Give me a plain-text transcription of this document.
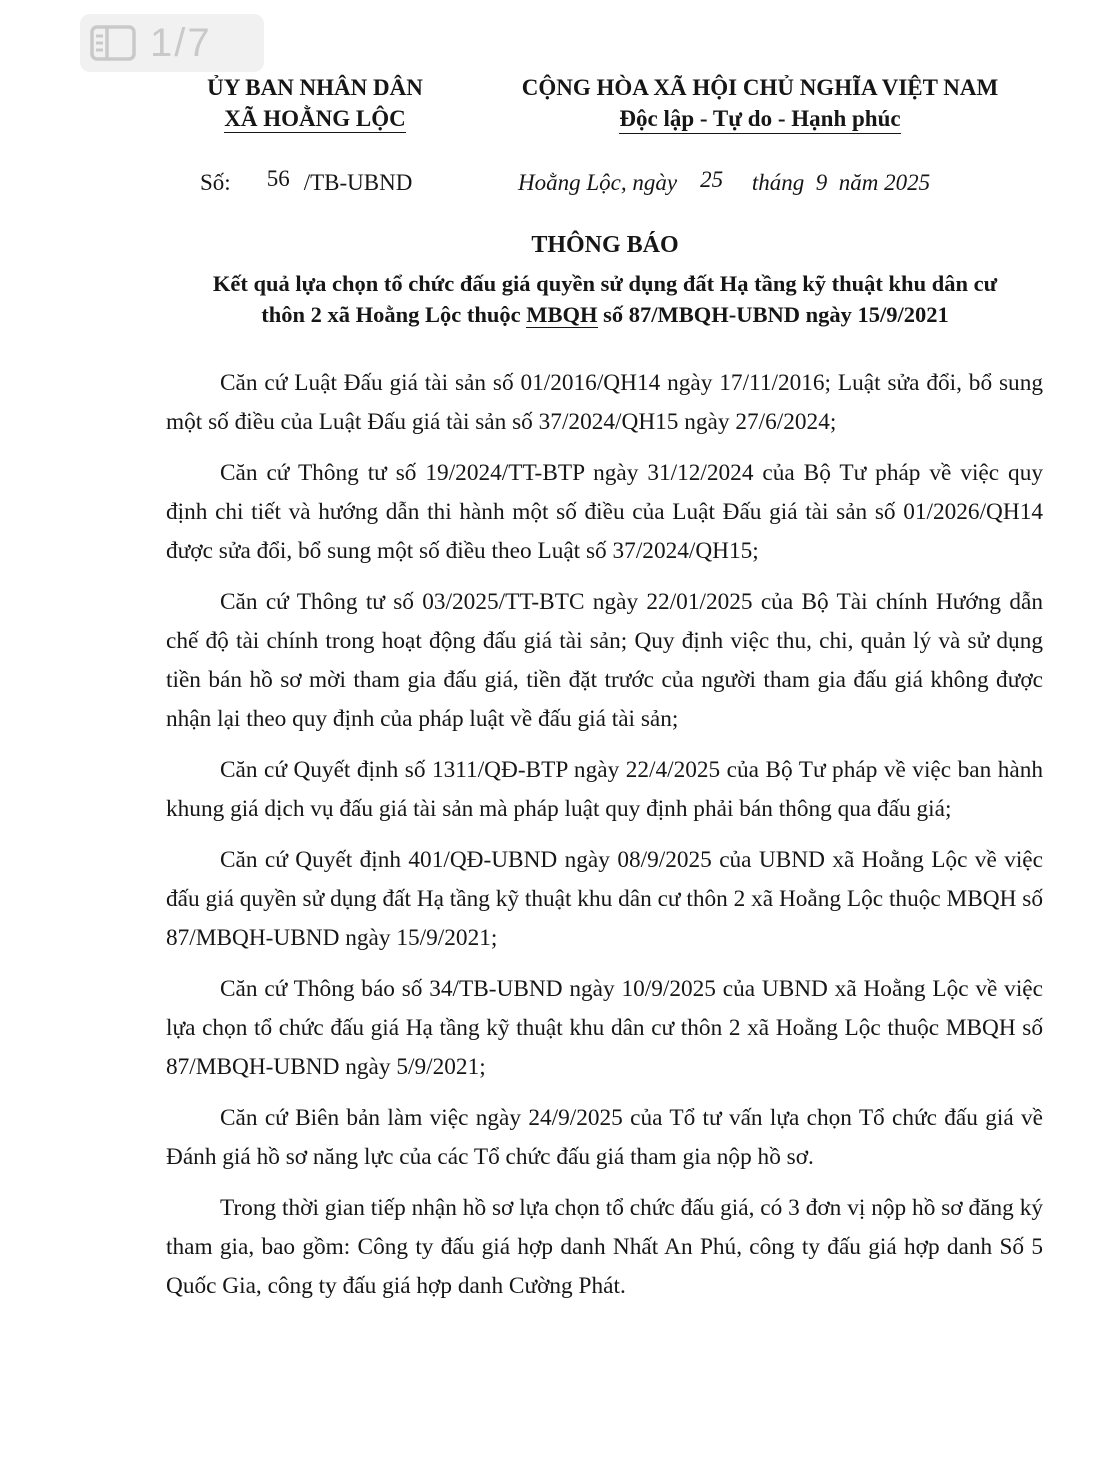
1/7
ỦY BAN NHÂN DÂN
XÃ HOẰNG LỘC
CỘNG HÒA XÃ HỘI CHỦ NGHĨA VIỆT NAM
Độc lập - Tự do - Hạnh phúc
Số: 56 /TB-UBND	Hoằng Lộc, ngày 25 tháng 9 năm 2025
THÔNG BÁO
Kết quả lựa chọn tổ chức đấu giá quyền sử dụng đất Hạ tầng kỹ thuật khu dân cư
thôn 2 xã Hoằng Lộc thuộc MBQH số 87/MBQH-UBND ngày 15/9/2021

Căn cứ Luật Đấu giá tài sản số 01/2016/QH14 ngày 17/11/2016; Luật sửa đổi, bổ sung một số điều của Luật Đấu giá tài sản số 37/2024/QH15 ngày 27/6/2024;

Căn cứ Thông tư số 19/2024/TT-BTP ngày 31/12/2024 của Bộ Tư pháp về việc quy định chi tiết và hướng dẫn thi hành một số điều của Luật Đấu giá tài sản số 01/2026/QH14 được sửa đổi, bổ sung một số điều theo Luật số 37/2024/QH15;

Căn cứ Thông tư số 03/2025/TT-BTC ngày 22/01/2025 của Bộ Tài chính Hướng dẫn chế độ tài chính trong hoạt động đấu giá tài sản; Quy định việc thu, chi, quản lý và sử dụng tiền bán hồ sơ mời tham gia đấu giá, tiền đặt trước của người tham gia đấu giá không được nhận lại theo quy định của pháp luật về đấu giá tài sản;

Căn cứ Quyết định số 1311/QĐ-BTP ngày 22/4/2025 của Bộ Tư pháp về việc ban hành khung giá dịch vụ đấu giá tài sản mà pháp luật quy định phải bán thông qua đấu giá;

Căn cứ Quyết định 401/QĐ-UBND ngày 08/9/2025 của UBND xã Hoằng Lộc về việc đấu giá quyền sử dụng đất Hạ tầng kỹ thuật khu dân cư thôn 2 xã Hoằng Lộc thuộc MBQH số 87/MBQH-UBND ngày 15/9/2021;

Căn cứ Thông báo số 34/TB-UBND ngày 10/9/2025 của UBND xã Hoằng Lộc về việc lựa chọn tổ chức đấu giá Hạ tầng kỹ thuật khu dân cư thôn 2 xã Hoằng Lộc thuộc MBQH số 87/MBQH-UBND ngày 5/9/2021;

Căn cứ Biên bản làm việc ngày 24/9/2025 của Tổ tư vấn lựa chọn Tổ chức đấu giá về Đánh giá hồ sơ năng lực của các Tổ chức đấu giá tham gia nộp hồ sơ.

Trong thời gian tiếp nhận hồ sơ lựa chọn tổ chức đấu giá, có 3 đơn vị nộp hồ sơ đăng ký tham gia, bao gồm: Công ty đấu giá hợp danh Nhất An Phú, công ty đấu giá hợp danh Số 5 Quốc Gia, công ty đấu giá hợp danh Cường Phát.
